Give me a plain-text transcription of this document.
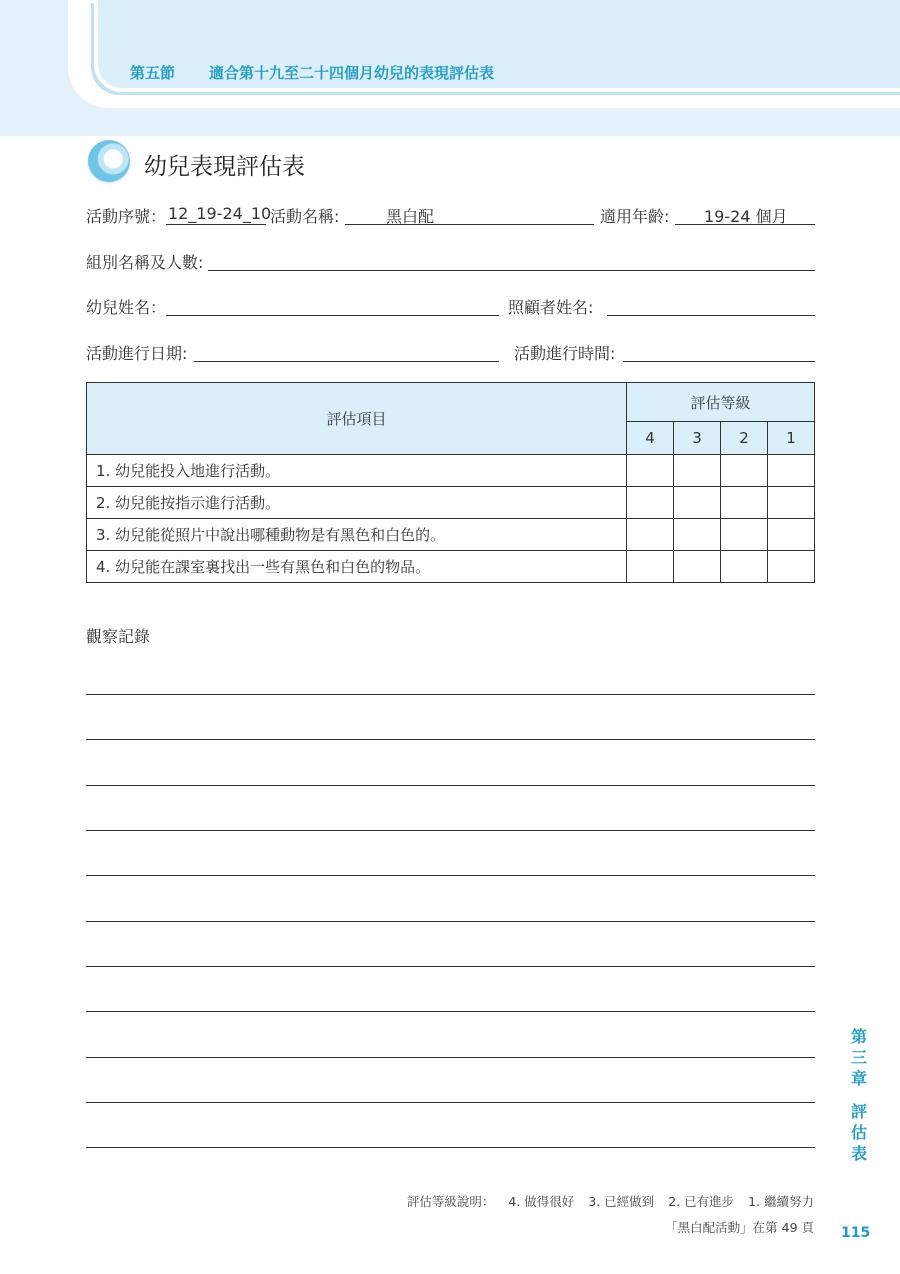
第五節 適合第十九至二十四個月幼兒的表現評估表
幼兒表現評估表
活動序號： 12_19-24_10
活動名稱:	黑白配	適用年齡: 19-24 個月
組別名稱及人數:
幼兒姓名：	照顧者姓名:
活動進行日期:	活動進行時間:
評估項目	評估等級			
	4	3	2	1
1. 幼兒能投入地進行活動。				
2. 幼兒能按指示進行活動。				
3. 幼兒能從照片中說出哪種動物是有黑色和白色的。				
4. 幼兒能在課室裏找出一些有黑色和白色的物品。				
觀察記錄
第
三
章
評
估
表
評估等級說明： 4. 做得很好 3. 已經做到 2. 已有進步 1. 繼續努力
「黑白配活動」在第 49 頁 115
